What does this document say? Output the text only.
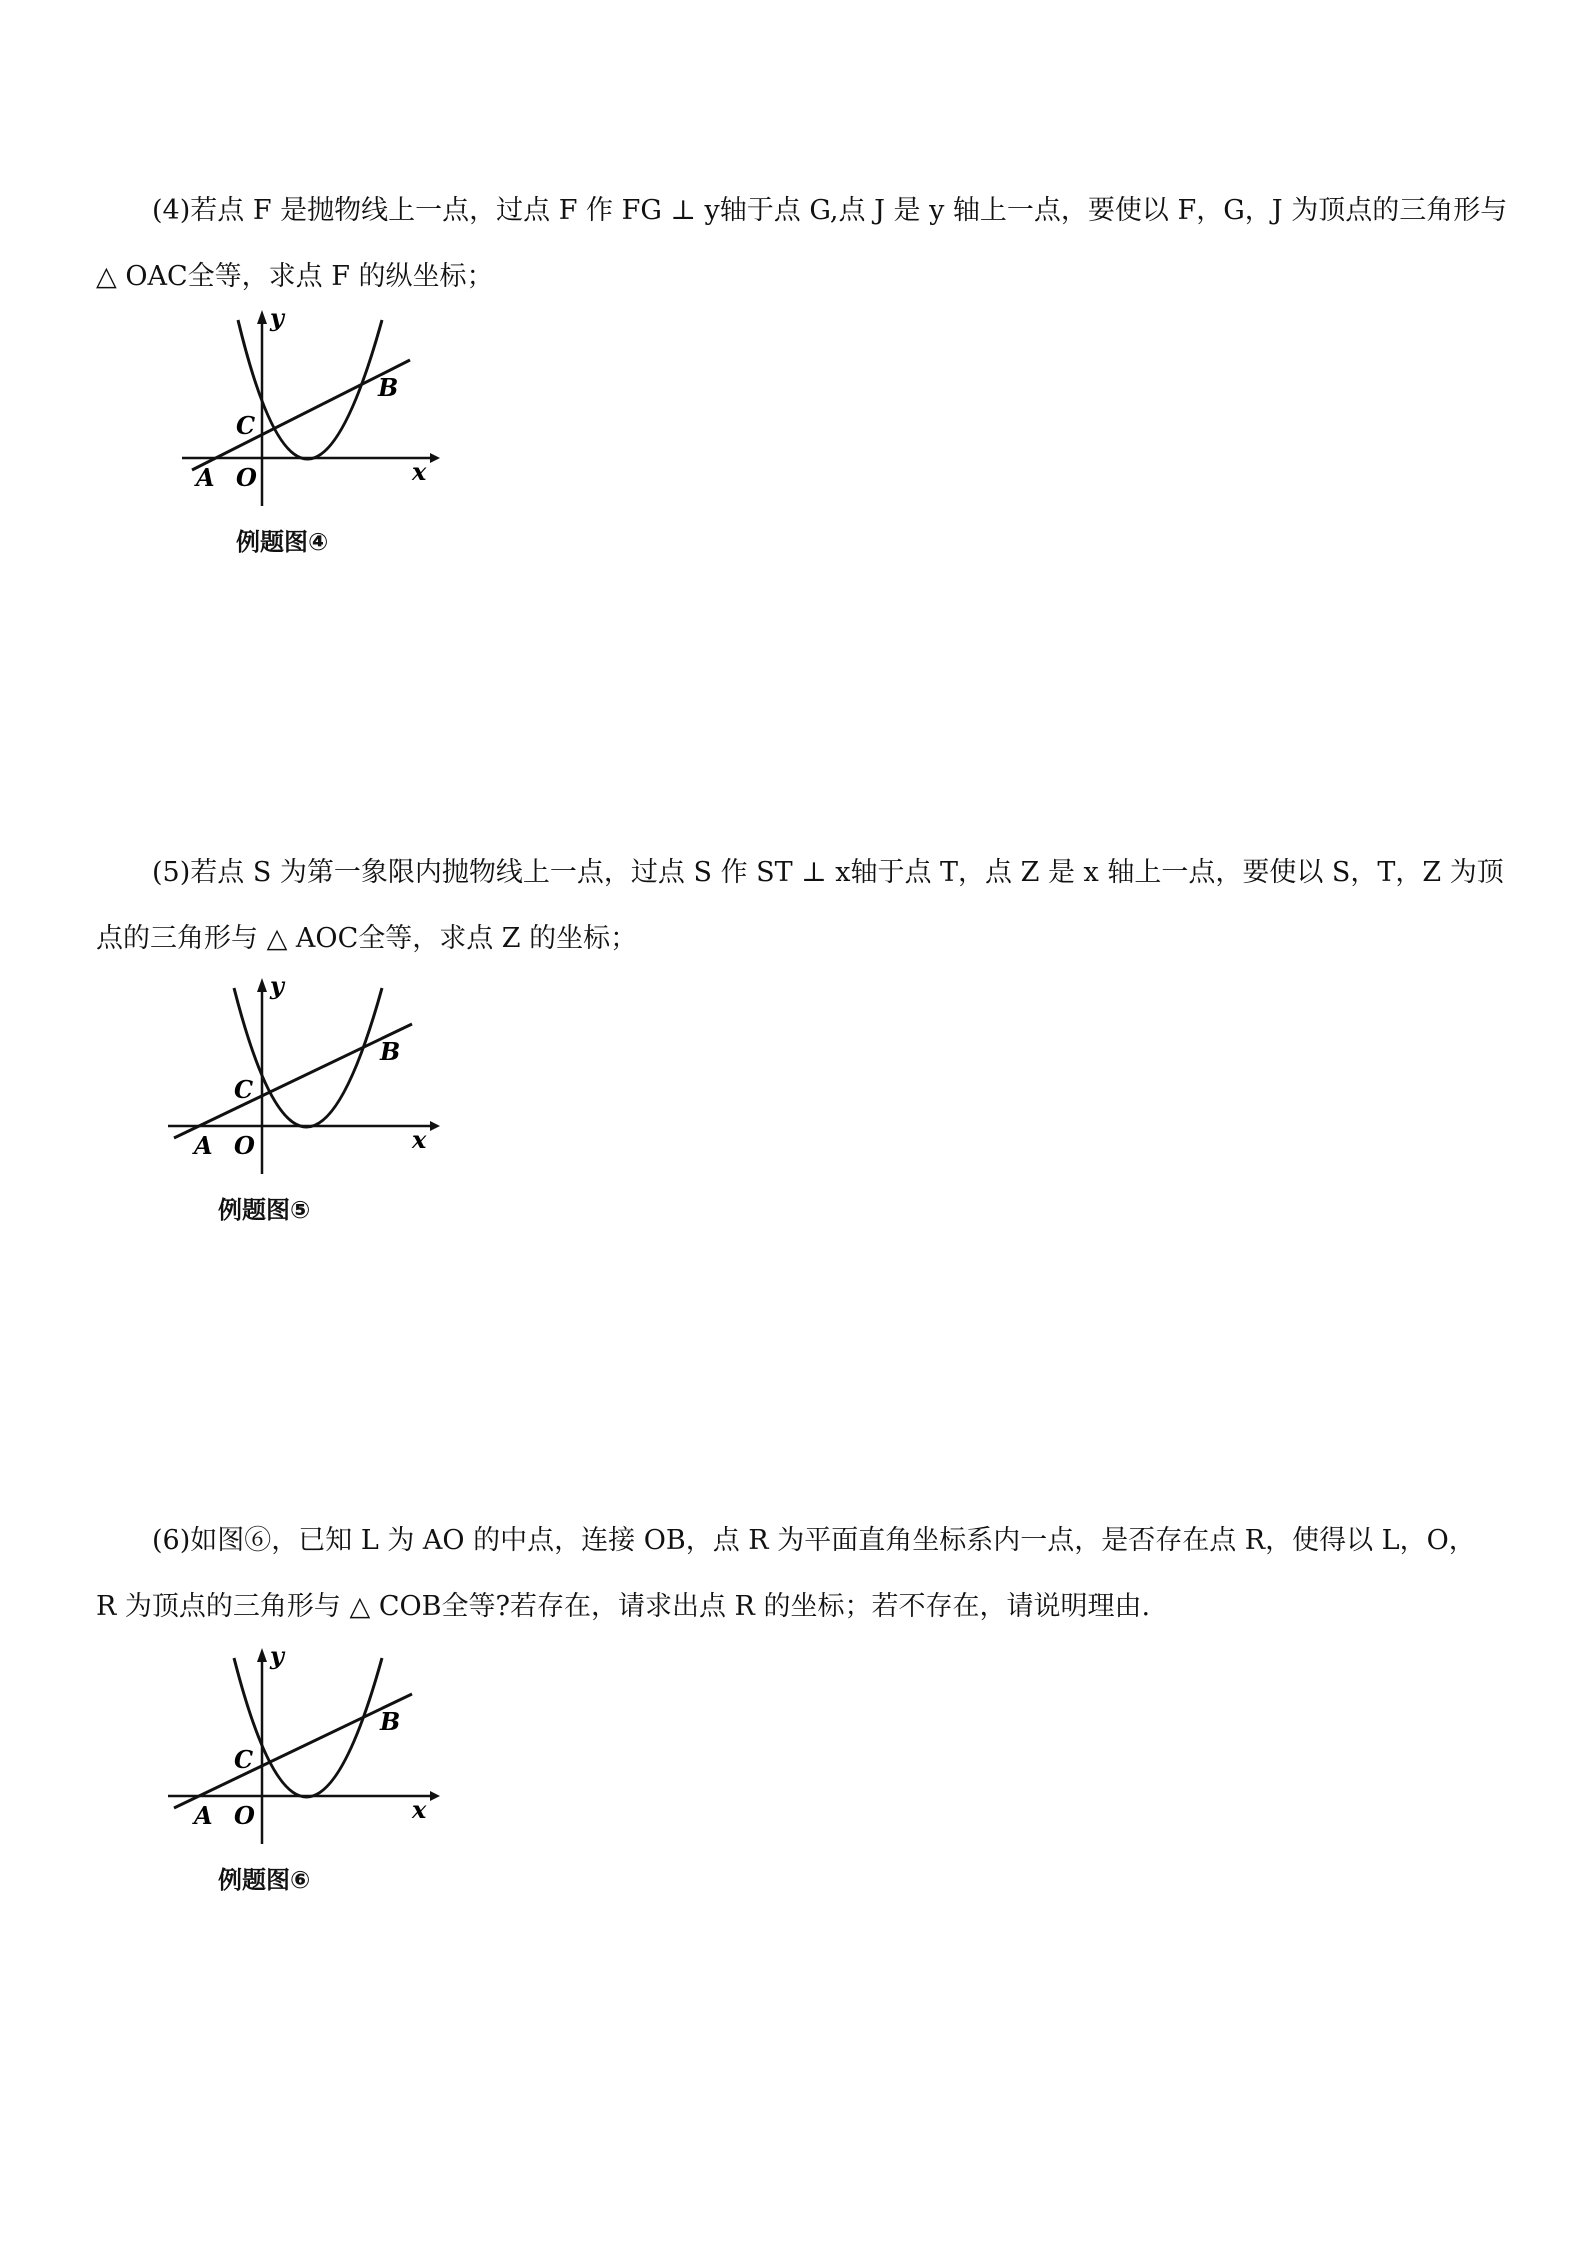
(4)若点 F 是抛物线上一点，过点 F 作 FG ⊥ y轴于点 G,点 J 是 y 轴上一点，要使以 F，G，J 为顶点的三角形与
△ OAC全等，求点 F 的纵坐标；
y
x
B
C
A O
例题图④
(5)若点 S 为第一象限内抛物线上一点，过点 S 作 ST ⊥ x轴于点 T，点 Z 是 x 轴上一点，要使以 S，T，Z 为顶
点的三角形与 △ AOC全等，求点 Z 的坐标；
y
x
B
C
A O
例题图⑤
(6)如图⑥，已知 L 为 AO 的中点，连接 OB，点 R 为平面直角坐标系内一点，是否存在点 R，使得以 L，O，
R 为顶点的三角形与 △ COB全等?若存在，请求出点 R 的坐标；若不存在，请说明理由.
y
x
B
C
A O
例题图⑥
